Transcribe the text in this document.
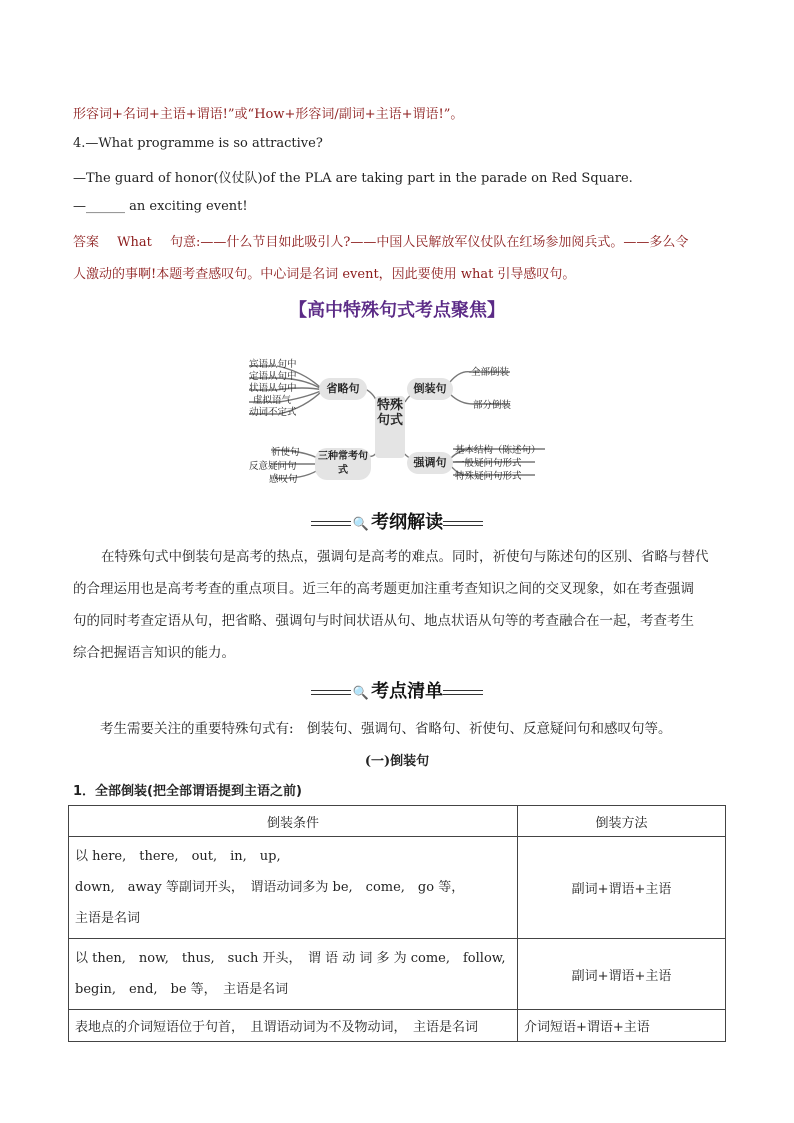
形容词+名词+主语+谓语!”或“How+形容词/副词+主语+谓语!”。
4.—What programme is so attractive?
—The guard of honor(仪仗队)of the PLA are taking part in the parade on Red Square.
—______ an exciting event!
答案 What 句意:——什么节目如此吸引人?——中国人民解放军仪仗队在红场参加阅兵式。——多么令
人激动的事啊!本题考查感叹句。中心词是名词 event，因此要使用 what 引导感叹句。
【高中特殊句式考点聚焦】
宾语从句中
定语从句中
状语从句中
虚拟语气
动词不定式
省略句
特殊句式
倒装句
全部倒装
部分倒装
三种常考句式
祈使句
反意疑问句
感叹句
强调句
基本结构（陈述句）
一般疑问句形式
特殊疑问句形式
🔍 考纲解读
在特殊句式中倒装句是高考的热点，强调句是高考的难点。同时，祈使句与陈述句的区别、省略与替代
的合理运用也是高考考查的重点项目。近三年的高考题更加注重考查知识之间的交叉现象，如在考查强调
句的同时考查定语从句，把省略、强调句与时间状语从句、地点状语从句等的考查融合在一起，考查考生
综合把握语言知识的能力。
🔍 考点清单
考生需要关注的重要特殊句式有:　倒装句、强调句、省略句、祈使句、反意疑问句和感叹句等。
(一)倒装句
1．全部倒装(把全部谓语提到主语之前)
倒装条件	倒装方法

以 here,　there,　out,　in,　up,
down,　away 等副词开头，　谓语动词多为 be,　come,　go 等，
主语是名词	副词+谓语+主语

以 then,　now,　thus,　such 开头，　谓 语 动 词 多 为 come,　follow,
begin,　end,　be 等，　主语是名词	副词+谓语+主语

表地点的介词短语位于句首，　且谓语动词为不及物动词，　主语是名词	介词短语+谓语+主语
